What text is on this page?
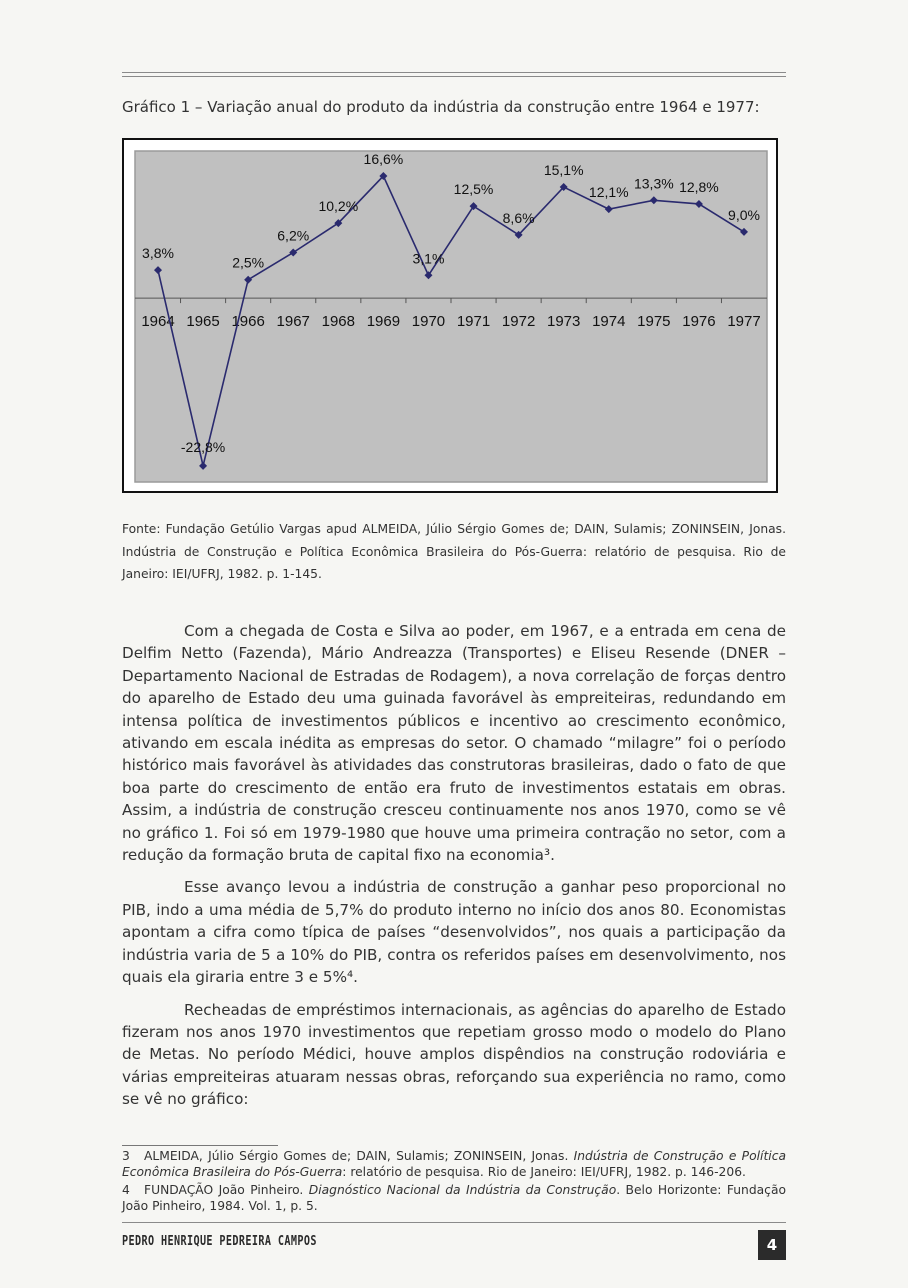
Gráfico 1 – Variação anual do produto da indústria da construção entre 1964 e 1977:
1964 1965 1966 1967 1968 1969 1970 1971 1972 1973 1974 1975 1976 1977
3,8%
-22,8%
2,5%
6,2%
10,2%
16,6%
3,1%
12,5%
8,6%
15,1%
12,1%
13,3% 12,8%
9,0%
Fonte: Fundação Getúlio Vargas apud ALMEIDA, Júlio Sérgio Gomes de; DAIN, Sulamis; ZONINSEIN, Jonas. Indústria de Construção e Política Econômica Brasileira do Pós-Guerra: relatório de pesquisa. Rio de Janeiro: IEI/UFRJ, 1982. p. 1-145.

Com a chegada de Costa e Silva ao poder, em 1967, e a entrada em cena de Delfim Netto (Fazenda), Mário Andreazza (Transportes) e Eliseu Resende (DNER – Departamento Nacional de Estradas de Rodagem), a nova correlação de forças dentro do aparelho de Estado deu uma guinada favorável às empreiteiras, redundando em intensa política de investimentos públicos e incentivo ao crescimento econômico, ativando em escala inédita as empresas do setor. O chamado “milagre” foi o período histórico mais favorável às atividades das construtoras brasileiras, dado o fato de que boa parte do crescimento de então era fruto de investimentos estatais em obras. Assim, a indústria de construção cresceu continuamente nos anos 1970, como se vê no gráfico 1. Foi só em 1979-1980 que houve uma primeira contração no setor, com a redução da formação bruta de capital fixo na economia³.

Esse avanço levou a indústria de construção a ganhar peso proporcional no PIB, indo a uma média de 5,7% do produto interno no início dos anos 80. Economistas apontam a cifra como típica de países “desenvolvidos”, nos quais a participação da indústria varia de 5 a 10% do PIB, contra os referidos países em desenvolvimento, nos quais ela giraria entre 3 e 5%⁴.

Recheadas de empréstimos internacionais, as agências do aparelho de Estado fizeram nos anos 1970 investimentos que repetiam grosso modo o modelo do Plano de Metas. No período Médici, houve amplos dispêndios na construção rodoviária e várias empreiteiras atuaram nessas obras, reforçando sua experiência no ramo, como se vê no gráfico:

3 ALMEIDA, Júlio Sérgio Gomes de; DAIN, Sulamis; ZONINSEIN, Jonas. Indústria de Construção e Política Econômica Brasileira do Pós-Guerra: relatório de pesquisa. Rio de Janeiro: IEI/UFRJ, 1982. p. 146-206.

4 FUNDAÇÃO João Pinheiro. Diagnóstico Nacional da Indústria da Construção. Belo Horizonte: Fundação João Pinheiro, 1984. Vol. 1, p. 5.

PEDRO HENRIQUE PEDREIRA CAMPOS	4
